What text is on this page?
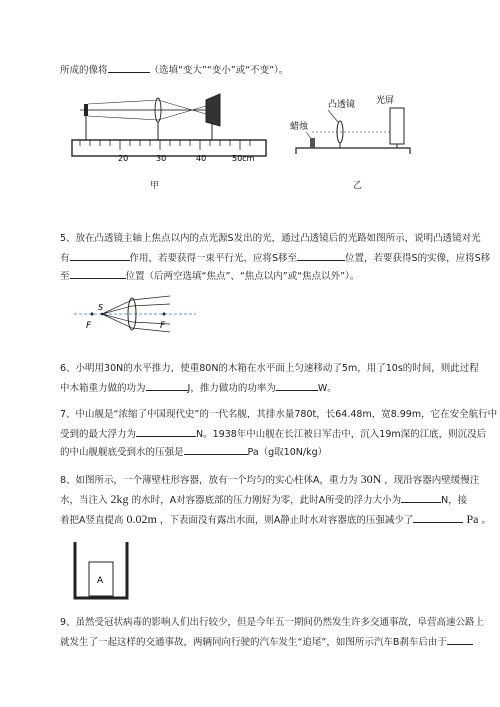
所成的像将	（选填“变大”“变小”或“不变”）。
20	30	40	50cm
凸透镜 光屏
蜡烛
甲	乙
5、放在凸透镜主轴上焦点以内的点光源S发出的光，通过凸透镜后的光路如图所示，说明凸透镜对光
有	作用，若要获得一束平行光，应将S移至	位置，若要获得S的实像，应将S移
至	位置（后两空选填“焦点”、“焦点以内”或“焦点以外”）。
F	F
S
6、小明用30N的水平推力，使重80N的木箱在水平面上匀速移动了5m，用了10s的时间，则此过程
中木箱重力做的功为	J，推力做功的功率为	W。
7、中山舰是“浓缩了中国现代史”的一代名舰，其排水量780t，长64.48m，宽8.99m，它在安全航行中
受到的最大浮力为	N。1938年中山舰在长江被日军击中，沉入19m深的江底，则沉没后
的中山舰舰底受到水的压强是	Pa（g取10N/kg）
8、如图所示，一个薄壁柱形容器，放有一个均匀的实心柱体A，重力为 30N ，现沿容器内壁缓慢注
水，当注入 2kg 的水时，A对容器底部的压力刚好为零，此时A所受的浮力大小为	N，接
着把A竖直提高 0.02m ，下表面没有露出水面，则A静止时水对容器底的压强减少了	Pa 。
A
9、虽然受冠状病毒的影响人们出行较少，但是今年五一期间仍然发生许多交通事故，阜营高速公路上
就发生了一起这样的交通事故，两辆同向行驶的汽车发生“追尾”，如图所示汽车B刹车后由于
